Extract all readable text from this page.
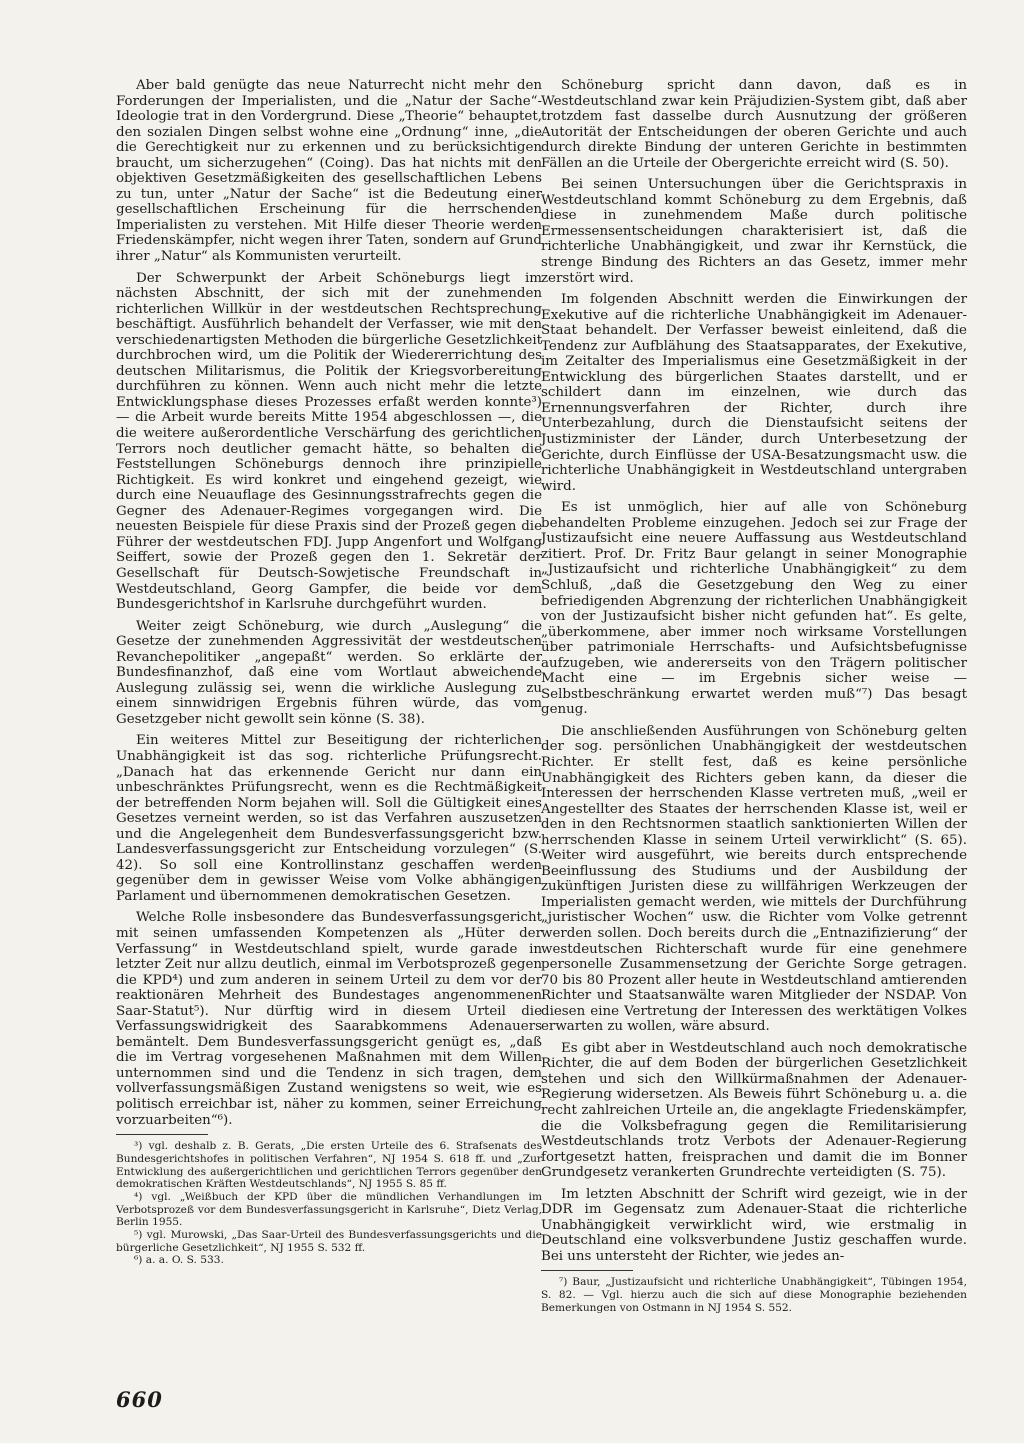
Aber bald genügte das neue Naturrecht nicht mehr den Forderungen der Imperialisten, und die „Natur der Sache“-Ideologie trat in den Vordergrund. Diese „Theorie“ behauptet, den sozialen Dingen selbst wohne eine „Ordnung“ inne, „die die Gerechtigkeit nur zu erkennen und zu berücksichtigen braucht, um sicherzugehen“ (Coing). Das hat nichts mit den objektiven Gesetzmäßigkeiten des gesellschaftlichen Lebens zu tun, unter „Natur der Sache“ ist die Bedeutung einer gesellschaftlichen Erscheinung für die herrschenden Imperialisten zu verstehen. Mit Hilfe dieser Theorie werden Friedenskämpfer, nicht wegen ihrer Taten, sondern auf Grund ihrer „Natur“ als Kommunisten verurteilt.

Der Schwerpunkt der Arbeit Schöneburgs liegt im nächsten Abschnitt, der sich mit der zunehmenden richterlichen Willkür in der westdeutschen Rechtsprechung beschäftigt. Ausführlich behandelt der Verfasser, wie mit den verschiedenartigsten Methoden die bürgerliche Gesetzlichkeit durchbrochen wird, um die Politik der Wiedererrichtung des deutschen Militarismus, die Politik der Kriegsvorbereitung durchführen zu können. Wenn auch nicht mehr die letzte Entwicklungsphase dieses Prozesses erfaßt werden konnte³) — die Arbeit wurde bereits Mitte 1954 abgeschlossen —, die die weitere außerordentliche Verschärfung des gerichtlichen Terrors noch deutlicher gemacht hätte, so behalten die Feststellungen Schöneburgs dennoch ihre prinzipielle Richtigkeit. Es wird konkret und eingehend gezeigt, wie durch eine Neuauflage des Gesinnungsstrafrechts gegen die Gegner des Adenauer-Regimes vorgegangen wird. Die neuesten Beispiele für diese Praxis sind der Prozeß gegen die Führer der westdeutschen FDJ. Jupp Angenfort und Wolfgang Seiffert, sowie der Prozeß gegen den 1. Sekretär der Gesellschaft für Deutsch-Sowjetische Freundschaft in Westdeutschland, Georg Gampfer, die beide vor dem Bundesgerichtshof in Karlsruhe durchgeführt wurden.

Weiter zeigt Schöneburg, wie durch „Auslegung“ die Gesetze der zunehmenden Aggressivität der westdeutschen Revanchepolitiker „angepaßt“ werden. So erklärte der Bundesfinanzhof, daß eine vom Wortlaut abweichende Auslegung zulässig sei, wenn die wirkliche Auslegung zu einem sinnwidrigen Ergebnis führen würde, das vom Gesetzgeber nicht gewollt sein könne (S. 38).

Ein weiteres Mittel zur Beseitigung der richterlichen Unabhängigkeit ist das sog. richterliche Prüfungsrecht. „Danach hat das erkennende Gericht nur dann ein unbeschränktes Prüfungsrecht, wenn es die Rechtmäßigkeit der betreffenden Norm bejahen will. Soll die Gültigkeit eines Gesetzes verneint werden, so ist das Verfahren auszusetzen und die Angelegenheit dem Bundesverfassungsgericht bzw. Landesverfassungsgericht zur Entscheidung vorzulegen“ (S. 42). So soll eine Kontrollinstanz geschaffen werden gegenüber dem in gewisser Weise vom Volke abhängigen Parlament und übernommenen demokratischen Gesetzen.

Welche Rolle insbesondere das Bundesverfassungsgericht mit seinen umfassenden Kompetenzen als „Hüter der Verfassung“ in Westdeutschland spielt, wurde garade in letzter Zeit nur allzu deutlich, einmal im Verbotsprozeß gegen die KPD⁴) und zum anderen in seinem Urteil zu dem vor der reaktionären Mehrheit des Bundestages angenommenen Saar-Statut⁵). Nur dürftig wird in diesem Urteil die Verfassungswidrigkeit des Saarabkommens Adenauers bemäntelt. Dem Bundesverfassungsgericht genügt es, „daß die im Vertrag vorgesehenen Maßnahmen mit dem Willen unternommen sind und die Tendenz in sich tragen, dem vollverfassungsmäßigen Zustand wenigstens so weit, wie es politisch erreichbar ist, näher zu kommen, seiner Erreichung vorzuarbeiten“⁶).

³) vgl. deshalb z. B. Gerats, „Die ersten Urteile des 6. Strafsenats des Bundesgerichtshofes in politischen Verfahren“, NJ 1954 S. 618 ff. und „Zur Entwicklung des außergerichtlichen und gerichtlichen Terrors gegenüber den demokratischen Kräften Westdeutschlands“, NJ 1955 S. 85 ff.

⁴) vgl. „Weißbuch der KPD über die mündlichen Verhandlungen im Verbotsprozeß vor dem Bundesverfassungsgericht in Karlsruhe“, Dietz Verlag, Berlin 1955.

⁵) vgl. Murowski, „Das Saar-Urteil des Bundesverfassungsgerichts und die bürgerliche Gesetzlichkeit“, NJ 1955 S. 532 ff.

⁶) a. a. O. S. 533.

Schöneburg spricht dann davon, daß es in Westdeutschland zwar kein Präjudizien-System gibt, daß aber trotzdem fast dasselbe durch Ausnutzung der größeren Autorität der Entscheidungen der oberen Gerichte und auch durch direkte Bindung der unteren Gerichte in bestimmten Fällen an die Urteile der Obergerichte erreicht wird (S. 50).

Bei seinen Untersuchungen über die Gerichtspraxis in Westdeutschland kommt Schöneburg zu dem Ergebnis, daß diese in zunehmendem Maße durch politische Ermessensentscheidungen charakterisiert ist, daß die richterliche Unabhängigkeit, und zwar ihr Kernstück, die strenge Bindung des Richters an das Gesetz, immer mehr zerstört wird.

Im folgenden Abschnitt werden die Einwirkungen der Exekutive auf die richterliche Unabhängigkeit im Adenauer-Staat behandelt. Der Verfasser beweist einleitend, daß die Tendenz zur Aufblähung des Staatsapparates, der Exekutive, im Zeitalter des Imperialismus eine Gesetzmäßigkeit in der Entwicklung des bürgerlichen Staates darstellt, und er schildert dann im einzelnen, wie durch das Ernennungsverfahren der Richter, durch ihre Unterbezahlung, durch die Dienstaufsicht seitens der Justizminister der Länder, durch Unterbesetzung der Gerichte, durch Einflüsse der USA-Besatzungsmacht usw. die richterliche Unabhängigkeit in Westdeutschland untergraben wird.

Es ist unmöglich, hier auf alle von Schöneburg behandelten Probleme einzugehen. Jedoch sei zur Frage der Justizaufsicht eine neuere Auffassung aus Westdeutschland zitiert. Prof. Dr. Fritz Baur gelangt in seiner Monographie „Justizaufsicht und richterliche Unabhängigkeit“ zu dem Schluß, „daß die Gesetzgebung den Weg zu einer befriedigenden Abgrenzung der richterlichen Unabhängigkeit von der Justizaufsicht bisher nicht gefunden hat“. Es gelte, „überkommene, aber immer noch wirksame Vorstellungen über patrimoniale Herrschafts- und Aufsichtsbefugnisse aufzugeben, wie andererseits von den Trägern politischer Macht eine — im Ergebnis sicher weise — Selbstbeschränkung erwartet werden muß“⁷) Das besagt genug.

Die anschließenden Ausführungen von Schöneburg gelten der sog. persönlichen Unabhängigkeit der westdeutschen Richter. Er stellt fest, daß es keine persönliche Unabhängigkeit des Richters geben kann, da dieser die Interessen der herrschenden Klasse vertreten muß, „weil er Angestellter des Staates der herrschenden Klasse ist, weil er den in den Rechtsnormen staatlich sanktionierten Willen der herrschenden Klasse in seinem Urteil verwirklicht“ (S. 65). Weiter wird ausgeführt, wie bereits durch entsprechende Beeinflussung des Studiums und der Ausbildung der zukünftigen Juristen diese zu willfährigen Werkzeugen der Imperialisten gemacht werden, wie mittels der Durchführung „juristischer Wochen“ usw. die Richter vom Volke getrennt werden sollen. Doch bereits durch die „Entnazifizierung“ der westdeutschen Richterschaft wurde für eine genehmere personelle Zusammensetzung der Gerichte Sorge getragen. 70 bis 80 Prozent aller heute in Westdeutschland amtierenden Richter und Staatsanwälte waren Mitglieder der NSDAP. Von diesen eine Vertretung der Interessen des werktätigen Volkes erwarten zu wollen, wäre absurd.

Es gibt aber in Westdeutschland auch noch demokratische Richter, die auf dem Boden der bürgerlichen Gesetzlichkeit stehen und sich den Willkürmaßnahmen der Adenauer-Regierung widersetzen. Als Beweis führt Schöneburg u. a. die recht zahlreichen Urteile an, die angeklagte Friedenskämpfer, die die Volksbefragung gegen die Remilitarisierung Westdeutschlands trotz Verbots der Adenauer-Regierung fortgesetzt hatten, freisprachen und damit die im Bonner Grundgesetz verankerten Grundrechte verteidigten (S. 75).

Im letzten Abschnitt der Schrift wird gezeigt, wie in der DDR im Gegensatz zum Adenauer-Staat die richterliche Unabhängigkeit verwirklicht wird, wie erstmalig in Deutschland eine volksverbundene Justiz geschaffen wurde. Bei uns untersteht der Richter, wie jedes an-

⁷) Baur, „Justizaufsicht und richterliche Unabhängigkeit“, Tübingen 1954, S. 82. — Vgl. hierzu auch die sich auf diese Monographie beziehenden Bemerkungen von Ostmann in NJ 1954 S. 552.

660
